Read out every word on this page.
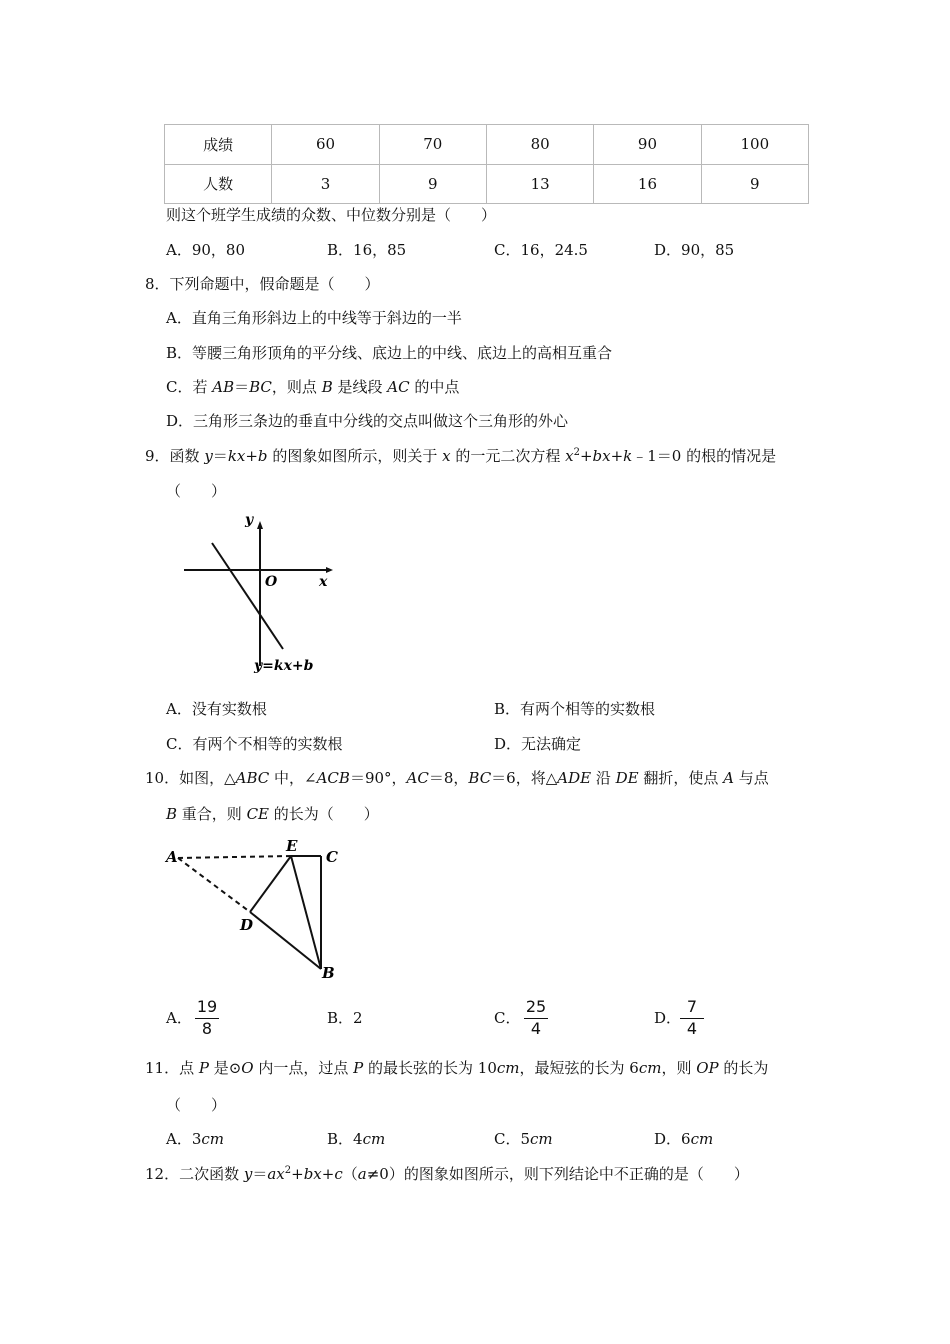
成绩	60	70	80	90	100
人数	3	9	13	16	9
则这个班学生成绩的众数、中位数分别是（　　）
A．90，80	B．16，85	C．16，24.5	D．90，85
8．下列命题中，假命题是（　　）
A．直角三角形斜边上的中线等于斜边的一半
B．等腰三角形顶角的平分线、底边上的中线、底边上的高相互重合
C．若 AB＝BC，则点 B 是线段 AC 的中点
D．三角形三条边的垂直中分线的交点叫做这个三角形的外心
9．函数 y＝kx+b 的图象如图所示，则关于 x 的一元二次方程 $x^2+bx+k﹣1=0$ 的根的情况是
（　　）
y
O	x
y=kx+b
A．没有实数根	B．有两个相等的实数根
C．有两个不相等的实数根	D．无法确定
10．如图，△ABC 中，∠ACB＝90°，AC＝8，BC＝6，将△ADE 沿 DE 翻折，使点 A 与点
B 重合，则 CE 的长为（　　）
A
E
C
D
B
A．
19
8
B．2	C．
25
4
D．
7
4
11．点 P 是⊙O 内一点，过点 P 的最长弦的长为 10cm，最短弦的长为 6cm，则 OP 的长为
（　　）
A．3cm	B．4cm	C．5cm	D．6cm
12．二次函数 $y=ax^2+bx+c(a\ne 0)$的图象如图所示，则下列结论中不正确的是（　　）
